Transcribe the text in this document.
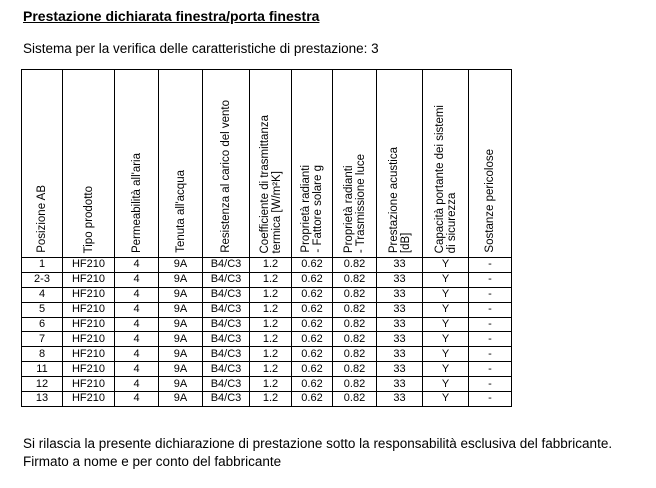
Prestazione dichiarata finestra/porta finestra
Sistema per la verifica delle caratteristiche di prestazione: 3
Posizione AB	Tipo prodotto	Permeabilità all'aria	Tenuta all'acqua	Resistenza al carico del vento	Coefficiente di trasmittanza
termica [W/m²K]	Proprietà radianti
- Fattore solare g	Proprietà radianti
- Trasmissione luce	Prestazione acustica
[dB]	Capacità portante dei sistemi
di sicurezza	Sostanze pericolose

1	HF210	4	9A	B4/C3	1.2	0.62	0.82	33	Y	-
2-3	HF210	4	9A	B4/C3	1.2	0.62	0.82	33	Y	-
4	HF210	4	9A	B4/C3	1.2	0.62	0.82	33	Y	-
5	HF210	4	9A	B4/C3	1.2	0.62	0.82	33	Y	-
6	HF210	4	9A	B4/C3	1.2	0.62	0.82	33	Y	-
7	HF210	4	9A	B4/C3	1.2	0.62	0.82	33	Y	-
8	HF210	4	9A	B4/C3	1.2	0.62	0.82	33	Y	-
11	HF210	4	9A	B4/C3	1.2	0.62	0.82	33	Y	-
12	HF210	4	9A	B4/C3	1.2	0.62	0.82	33	Y	-
13	HF210	4	9A	B4/C3	1.2	0.62	0.82	33	Y	-
Si rilascia la presente dichiarazione di prestazione sotto la responsabilità esclusiva del fabbricante.
Firmato a nome e per conto del fabbricante
